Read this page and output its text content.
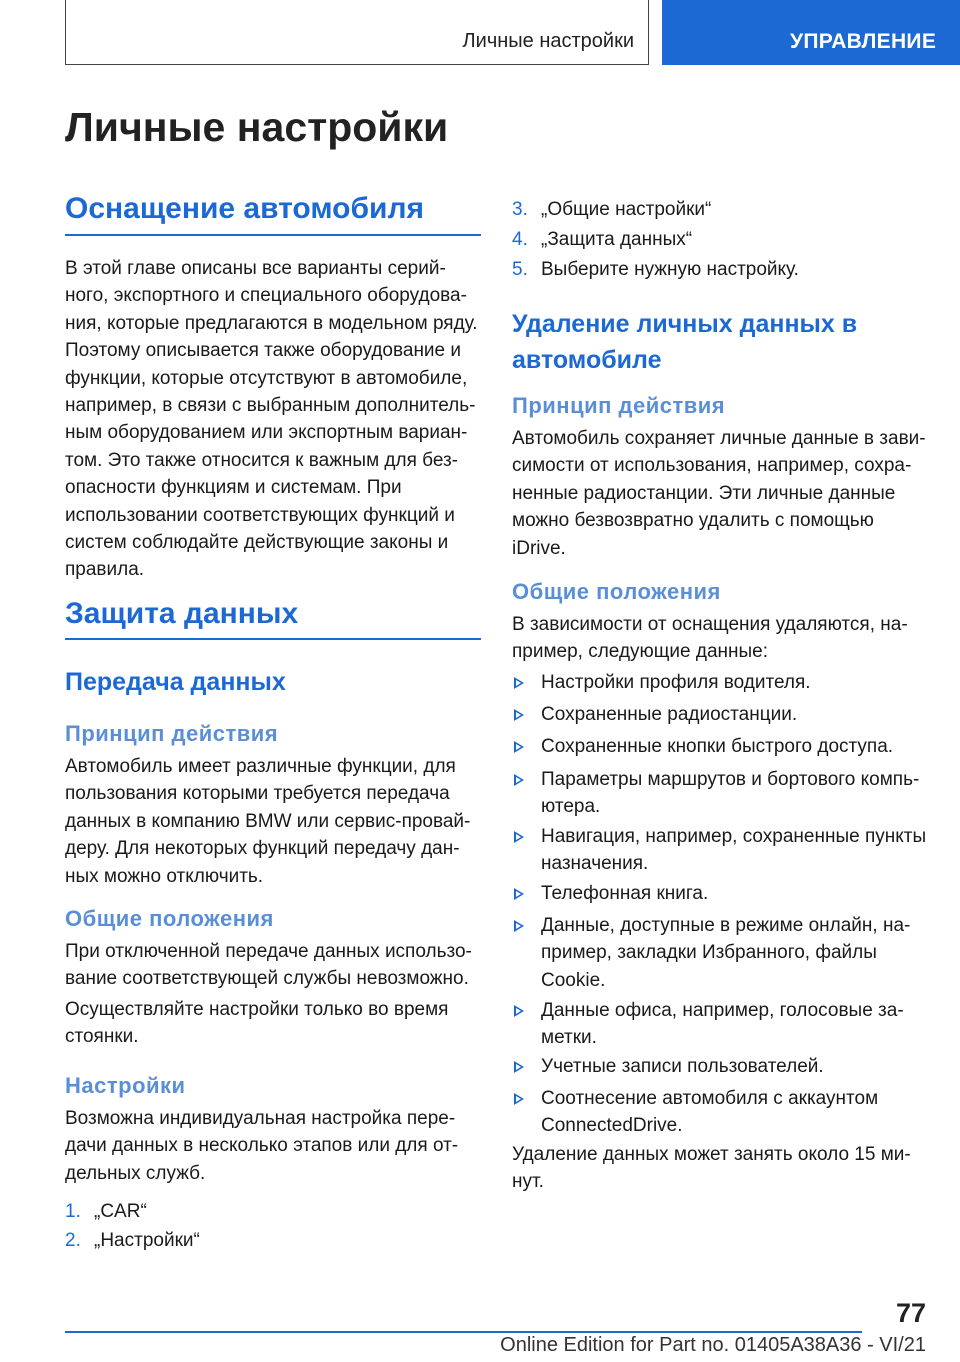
Личные настройки	УПРАВЛЕНИЕ
Личные настройки
Оснащение автомобиля
В этой главе описаны все варианты серий-
ного, экспортного и специального оборудова-
ния, которые предлагаются в модельном ряду.
Поэтому описывается также оборудование и
функции, которые отсутствуют в автомобиле,
например, в связи с выбранным дополнитель-
ным оборудованием или экспортным вариан-
том. Это также относится к важным для без-
опасности функциям и системам. При
использовании соответствующих функций и
систем соблюдайте действующие законы и
правила.
Защита данных
Передача данных
Принцип действия
Автомобиль имеет различные функции, для
пользования которыми требуется передача
данных в компанию BMW или сервис-провай-
деру. Для некоторых функций передачу дан-
ных можно отключить.
Общие положения
При отключенной передаче данных использо-
вание соответствующей службы невозможно.
Осуществляйте настройки только во время
стоянки.
Настройки
Возможна индивидуальная настройка пере-
дачи данных в несколько этапов или для от-
дельных служб.
1. „CAR“
2. „Настройки“
3. „Общие настройки“
4. „Защита данных“
5. Выберите нужную настройку.
Удаление личных данных в
автомобиле
Принцип действия
Автомобиль сохраняет личные данные в зави-
симости от использования, например, сохра-
ненные радиостанции. Эти личные данные
можно безвозвратно удалить с помощью
iDrive.
Общие положения
В зависимости от оснащения удаляются, на-
пример, следующие данные:
Настройки профиля водителя.
Сохраненные радиостанции.
Сохраненные кнопки быстрого доступа.
Параметры маршрутов и бортового компь-
ютера.
Навигация, например, сохраненные пункты
назначения.
Телефонная книга.
Данные, доступные в режиме онлайн, на-
пример, закладки Избранного, файлы
Cookie.
Данные офиса, например, голосовые за-
метки.
Учетные записи пользователей.
Соотнесение автомобиля с аккаунтом
ConnectedDrive.
Удаление данных может занять около 15 ми-
нут.
77
Online Edition for Part no. 01405A38A36 - VI/21
